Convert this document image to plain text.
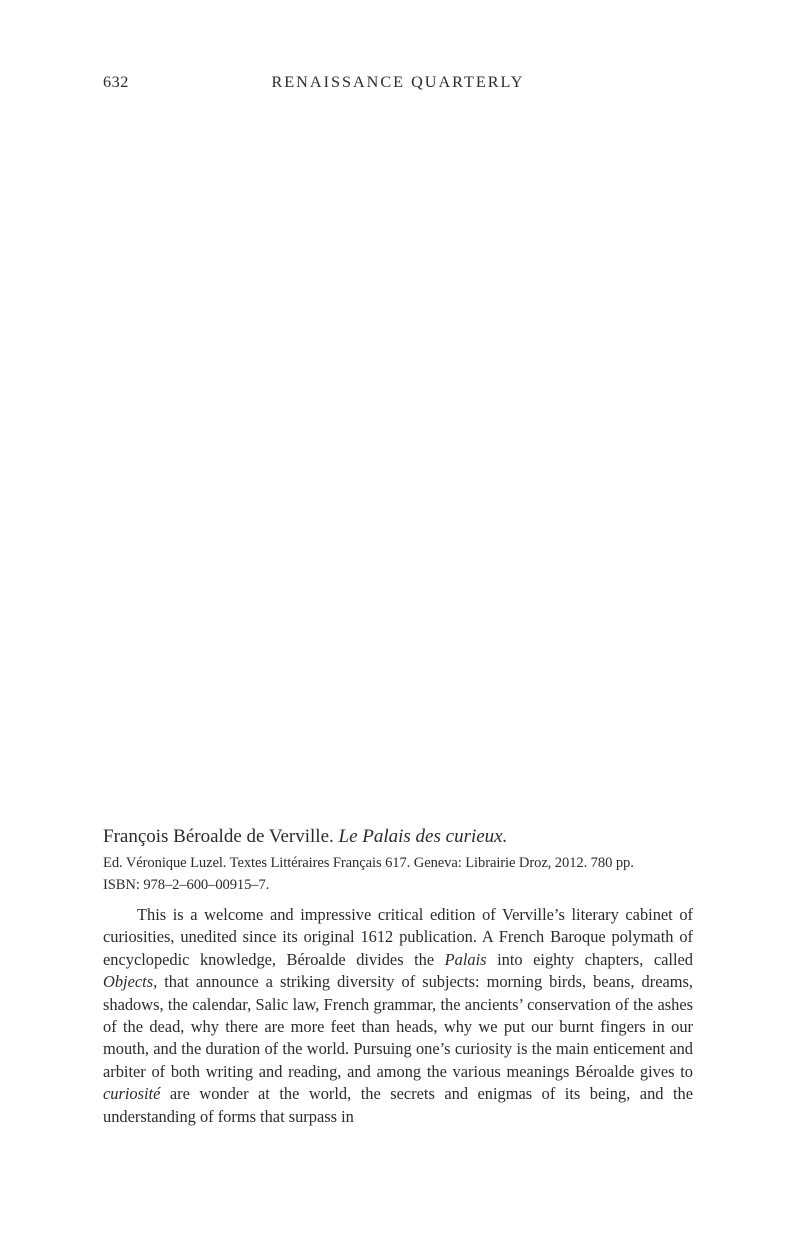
632	RENAISSANCE QUARTERLY
François Béroalde de Verville. Le Palais des curieux.

Ed. Véronique Luzel. Textes Littéraires Français 617. Geneva: Librairie Droz, 2012. 780 pp.
ISBN: 978–2–600–00915–7.

This is a welcome and impressive critical edition of Verville’s literary cabinet of curiosities, unedited since its original 1612 publication. A French Baroque polymath of encyclopedic knowledge, Béroalde divides the Palais into eighty chapters, called Objects, that announce a striking diversity of subjects: morning birds, beans, dreams, shadows, the calendar, Salic law, French grammar, the ancients’ conservation of the ashes of the dead, why there are more feet than heads, why we put our burnt fingers in our mouth, and the duration of the world. Pursuing one’s curiosity is the main enticement and arbiter of both writing and reading, and among the various meanings Béroalde gives to curiosité are wonder at the world, the secrets and enigmas of its being, and the understanding of forms that surpass in
